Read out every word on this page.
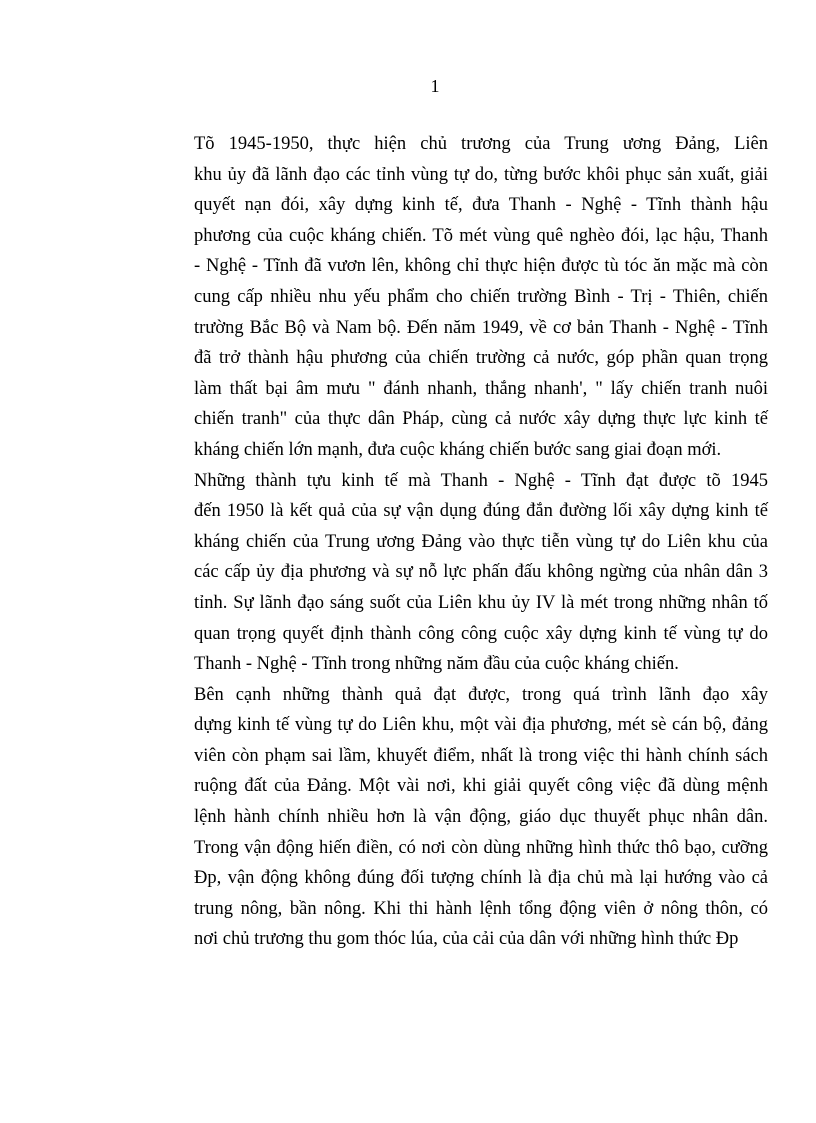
1

Tõ 1945-1950, thực hiện chủ trương của Trung ương Đảng, Liên
khu ủy đã lãnh đạo các tỉnh vùng tự do, từng bước khôi phục sản xuất, giải
quyết nạn đói, xây dựng kinh tế, đưa Thanh - Nghệ - Tĩnh thành hậu
phương của cuộc kháng chiến. Tõ mét vùng quê nghèo đói, lạc hậu, Thanh
- Nghệ - Tĩnh đã vươn lên, không chỉ thực hiện được tù tóc ăn mặc mà còn
cung cấp nhiều nhu yếu phẩm cho chiến trường Bình - Trị - Thiên, chiến
trường Bắc Bộ và Nam bộ. Đến năm 1949, về cơ bản Thanh - Nghệ - Tĩnh
đã trở thành hậu phương của chiến trường cả nước, góp phần quan trọng
làm thất bại âm mưu " đánh nhanh, thắng nhanh', " lấy chiến tranh nuôi
chiến tranh" của thực dân Pháp, cùng cả nước xây dựng thực lực kinh tế
kháng chiến lớn mạnh, đưa cuộc kháng chiến bước sang giai đoạn mới.

Những thành tựu kinh tế mà Thanh - Nghệ - Tĩnh đạt được tõ 1945
đến 1950 là kết quả của sự vận dụng đúng đắn đường lối xây dựng kinh tế
kháng chiến của Trung ương Đảng vào thực tiễn vùng tự do Liên khu của
các cấp ủy địa phương và sự nỗ lực phấn đấu không ngừng của nhân dân 3
tỉnh. Sự lãnh đạo sáng suốt của Liên khu ủy IV là mét trong những nhân tố
quan trọng quyết định thành công công cuộc xây dựng kinh tế vùng tự do
Thanh - Nghệ - Tĩnh trong những năm đầu của cuộc kháng chiến.

Bên cạnh những thành quả đạt được, trong quá trình lãnh đạo xây
dựng kinh tế vùng tự do Liên khu, một vài địa phương, mét sè cán bộ, đảng
viên còn phạm sai lầm, khuyết điểm, nhất là trong việc thi hành chính sách
ruộng đất của Đảng. Một vài nơi, khi giải quyết công việc đã dùng mệnh
lệnh hành chính nhiều hơn là vận động, giáo dục thuyết phục nhân dân.
Trong vận động hiến điền, có nơi còn dùng những hình thức thô bạo, cưỡng
Đp, vận động không đúng đối tượng chính là địa chủ mà lại hướng vào cả
trung nông, bần nông. Khi thi hành lệnh tổng động viên ở nông thôn, có
nơi chủ trương thu gom thóc lúa, của cải của dân với những hình thức Ðp
